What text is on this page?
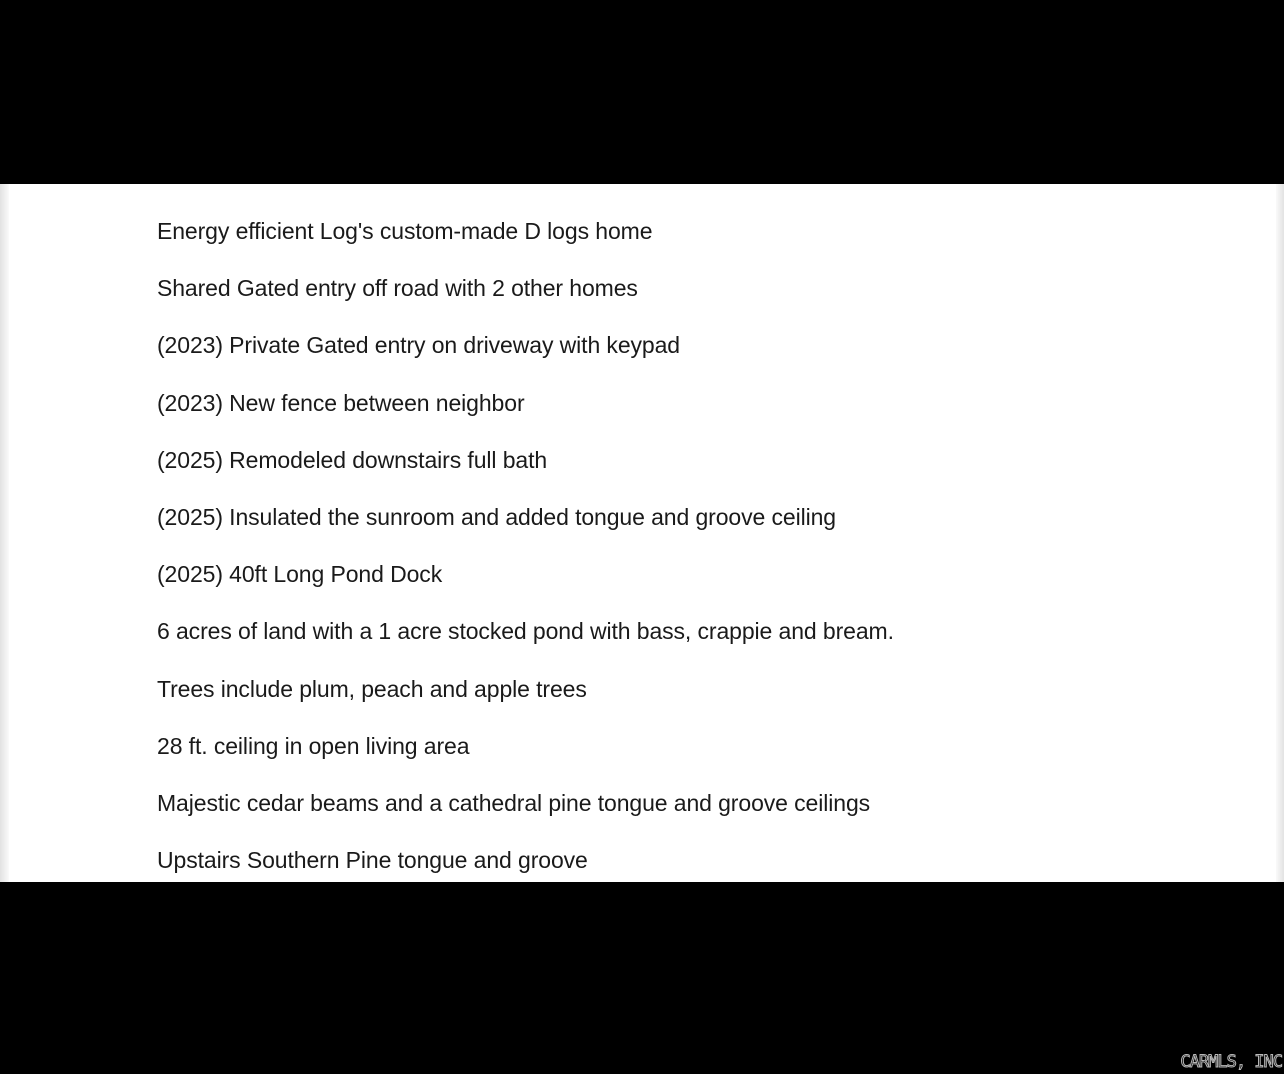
Energy efficient Log's custom-made D logs home
Shared Gated entry off road with 2 other homes
(2023) Private Gated entry on driveway with keypad
(2023) New fence between neighbor
(2025) Remodeled downstairs full bath
(2025) Insulated the sunroom and added tongue and groove ceiling
(2025) 40ft Long Pond Dock
6 acres of land with a 1 acre stocked pond with bass, crappie and bream.
Trees include plum, peach and apple trees
28 ft. ceiling in open living area
Majestic cedar beams and a cathedral pine tongue and groove ceilings
Upstairs Southern Pine tongue and groove
CARMLS, INC
